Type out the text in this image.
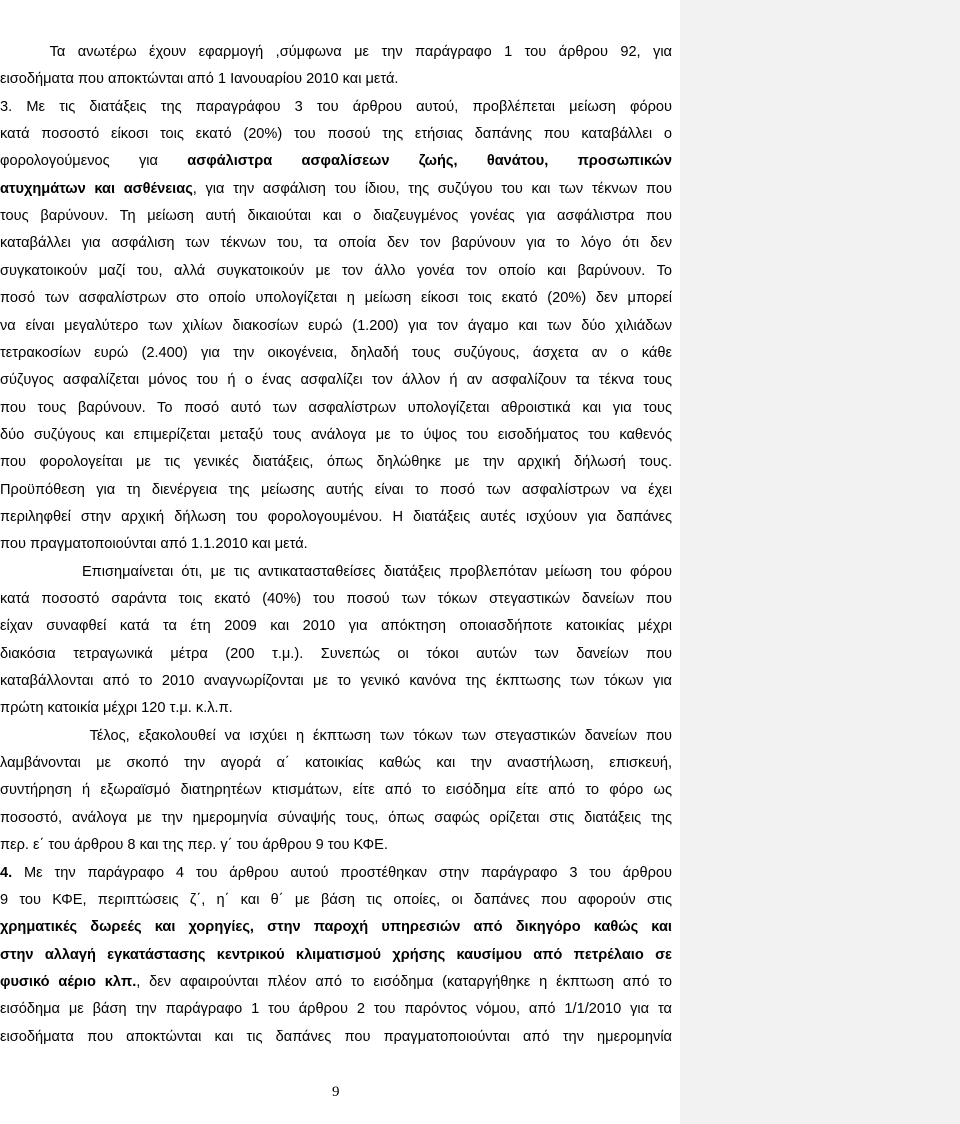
Τα ανωτέρω έχουν εφαρμογή ,σύμφωνα με την παράγραφο 1 του άρθρου 92, για
εισοδήματα που αποκτώνται από 1 Ιανουαρίου 2010 και μετά.
3. Με τις διατάξεις της παραγράφου 3 του άρθρου αυτού, προβλέπεται μείωση φόρου
κατά ποσοστό είκοσι τοις εκατό (20%) του ποσού της ετήσιας δαπάνης που καταβάλλει ο
φορολογούμενος για ασφάλιστρα ασφαλίσεων ζωής, θανάτου, προσωπικών
ατυχημάτων και ασθένειας, για την ασφάλιση του ίδιου, της συζύγου του και των τέκνων που
τους βαρύνουν. Τη μείωση αυτή δικαιούται και ο διαζευγμένος γονέας για ασφάλιστρα που
καταβάλλει για ασφάλιση των τέκνων του, τα οποία δεν τον βαρύνουν για το λόγο ότι δεν
συγκατοικούν μαζί του, αλλά συγκατοικούν με τον άλλο γονέα τον οποίο και βαρύνουν. Το
ποσό των ασφαλίστρων στο οποίο υπολογίζεται η μείωση είκοσι τοις εκατό (20%) δεν μπορεί
να είναι μεγαλύτερο των χιλίων διακοσίων ευρώ (1.200) για τον άγαμο και των δύο χιλιάδων
τετρακοσίων ευρώ (2.400) για την οικογένεια, δηλαδή τους συζύγους, άσχετα αν ο κάθε
σύζυγος ασφαλίζεται μόνος του ή ο ένας ασφαλίζει τον άλλον ή αν ασφαλίζουν τα τέκνα τους
που τους βαρύνουν. Το ποσό αυτό των ασφαλίστρων υπολογίζεται αθροιστικά και για τους
δύο συζύγους και επιμερίζεται μεταξύ τους ανάλογα με το ύψος του εισοδήματος του καθενός
που φορολογείται με τις γενικές διατάξεις, όπως δηλώθηκε με την αρχική δήλωσή τους.
Προϋπόθεση για τη διενέργεια της μείωσης αυτής είναι το ποσό των ασφαλίστρων να έχει
περιληφθεί στην αρχική δήλωση του φορολογουμένου. Η διατάξεις αυτές ισχύουν για δαπάνες
που πραγματοποιούνται από 1.1.2010 και μετά.
Επισημαίνεται ότι, με τις αντικατασταθείσες διατάξεις προβλεπόταν μείωση του φόρου
κατά ποσοστό σαράντα τοις εκατό (40%) του ποσού των τόκων στεγαστικών δανείων που
είχαν συναφθεί κατά τα έτη 2009 και 2010 για απόκτηση οποιασδήποτε κατοικίας μέχρι
διακόσια τετραγωνικά μέτρα (200 τ.μ.). Συνεπώς οι τόκοι αυτών των δανείων που
καταβάλλονται από το 2010 αναγνωρίζονται με το γενικό κανόνα της έκπτωσης των τόκων για
πρώτη κατοικία μέχρι 120 τ.μ. κ.λ.π.
Τέλος, εξακολουθεί να ισχύει η έκπτωση των τόκων των στεγαστικών δανείων που
λαμβάνονται με σκοπό την αγορά α΄ κατοικίας καθώς και την αναστήλωση, επισκευή,
συντήρηση ή εξωραϊσμό διατηρητέων κτισμάτων, είτε από το εισόδημα είτε από το φόρο ως
ποσοστό, ανάλογα με την ημερομηνία σύναψής τους, όπως σαφώς ορίζεται στις διατάξεις της
περ. ε΄ του άρθρου 8 και της περ. γ΄ του άρθρου 9 του ΚΦΕ.
4. Με την παράγραφο 4 του άρθρου αυτού προστέθηκαν στην παράγραφο 3 του άρθρου
9 του ΚΦΕ, περιπτώσεις ζ΄, η΄ και θ΄ με βάση τις οποίες, οι δαπάνες που αφορούν στις
χρηματικές δωρεές και χορηγίες, στην παροχή υπηρεσιών από δικηγόρο καθώς και
στην αλλαγή εγκατάστασης κεντρικού κλιματισμού χρήσης καυσίμου από πετρέλαιο σε
φυσικό αέριο κλπ., δεν αφαιρούνται πλέον από το εισόδημα (καταργήθηκε η έκπτωση από το
εισόδημα με βάση την παράγραφο 1 του άρθρου 2 του παρόντος νόμου, από 1/1/2010 για τα
εισοδήματα που αποκτώνται και τις δαπάνες που πραγματοποιούνται από την ημερομηνία
9
